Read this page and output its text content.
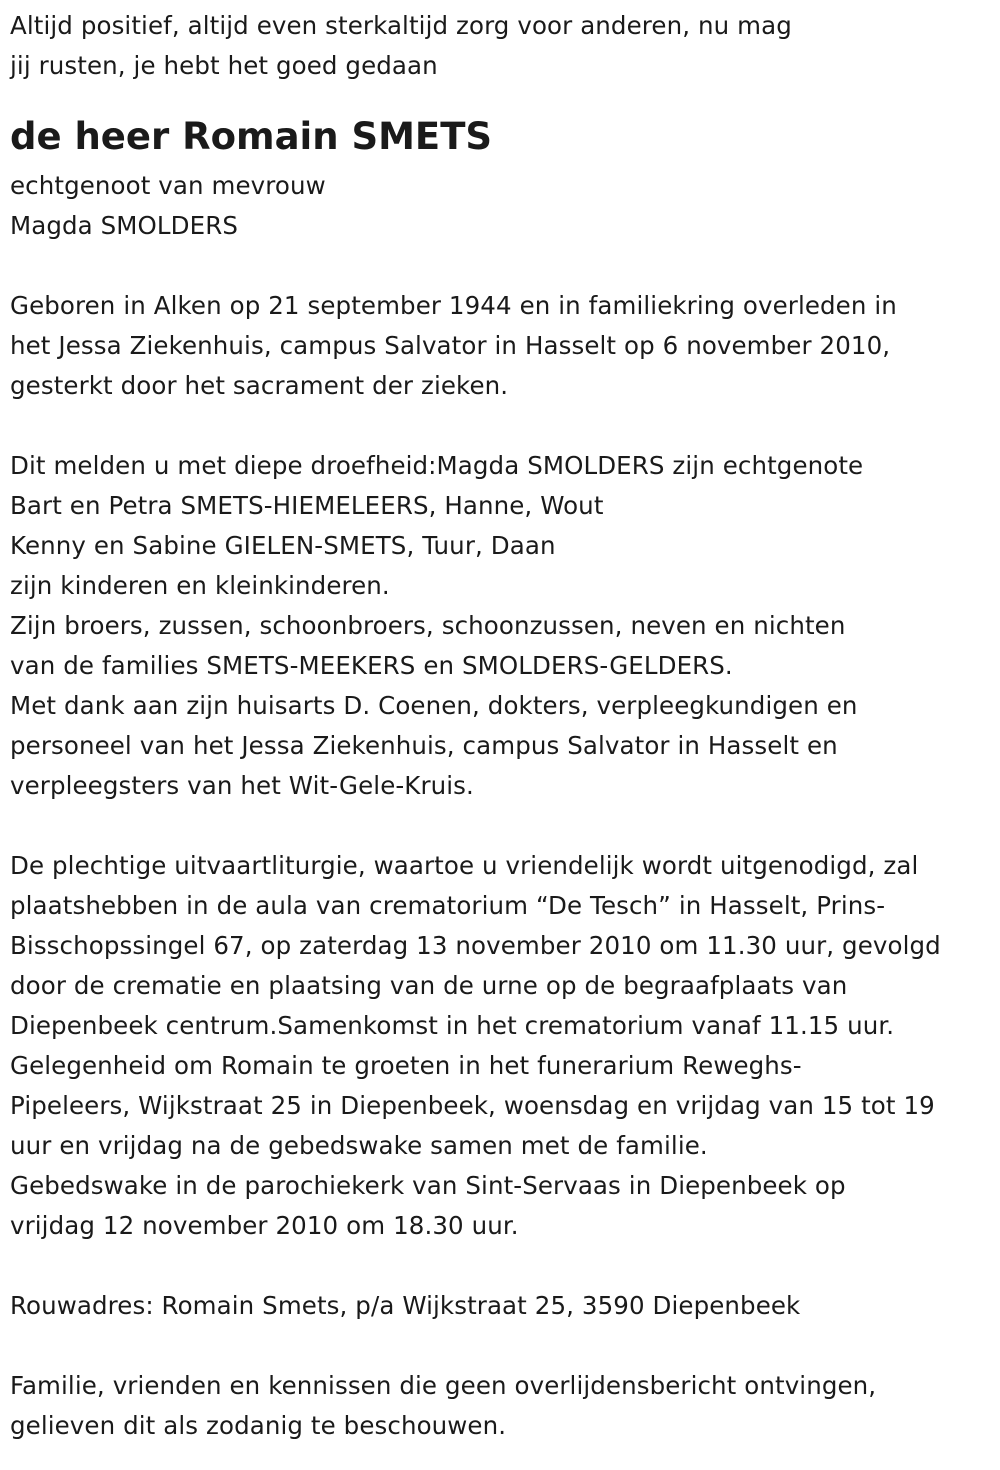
Altijd positief, altijd even sterkaltijd zorg voor anderen, nu mag
jij rusten, je hebt het goed gedaan
de heer Romain SMETS
echtgenoot van mevrouw
Magda SMOLDERS
Geboren in Alken op 21 september 1944 en in familiekring overleden in
het Jessa Ziekenhuis, campus Salvator in Hasselt op 6 november 2010,
gesterkt door het sacrament der zieken.
Dit melden u met diepe droefheid:Magda SMOLDERS zijn echtgenote
Bart en Petra SMETS-HIEMELEERS, Hanne, Wout
Kenny en Sabine GIELEN-SMETS, Tuur, Daan
zijn kinderen en kleinkinderen.
Zijn broers, zussen, schoonbroers, schoonzussen, neven en nichten
van de families SMETS-MEEKERS en SMOLDERS-GELDERS.
Met dank aan zijn huisarts D. Coenen, dokters, verpleegkundigen en
personeel van het Jessa Ziekenhuis, campus Salvator in Hasselt en
verpleegsters van het Wit-Gele-Kruis.
De plechtige uitvaartliturgie, waartoe u vriendelijk wordt uitgenodigd, zal
plaatshebben in de aula van crematorium “De Tesch” in Hasselt, Prins-
Bisschopssingel 67, op zaterdag 13 november 2010 om 11.30 uur, gevolgd
door de crematie en plaatsing van de urne op de begraafplaats van
Diepenbeek centrum.Samenkomst in het crematorium vanaf 11.15 uur.
Gelegenheid om Romain te groeten in het funerarium Reweghs-
Pipeleers, Wijkstraat 25 in Diepenbeek, woensdag en vrijdag van 15 tot 19
uur en vrijdag na de gebedswake samen met de familie.
Gebedswake in de parochiekerk van Sint-Servaas in Diepenbeek op
vrijdag 12 november 2010 om 18.30 uur.
Rouwadres: Romain Smets, p/a Wijkstraat 25, 3590 Diepenbeek
Familie, vrienden en kennissen die geen overlijdensbericht ontvingen,
gelieven dit als zodanig te beschouwen.
